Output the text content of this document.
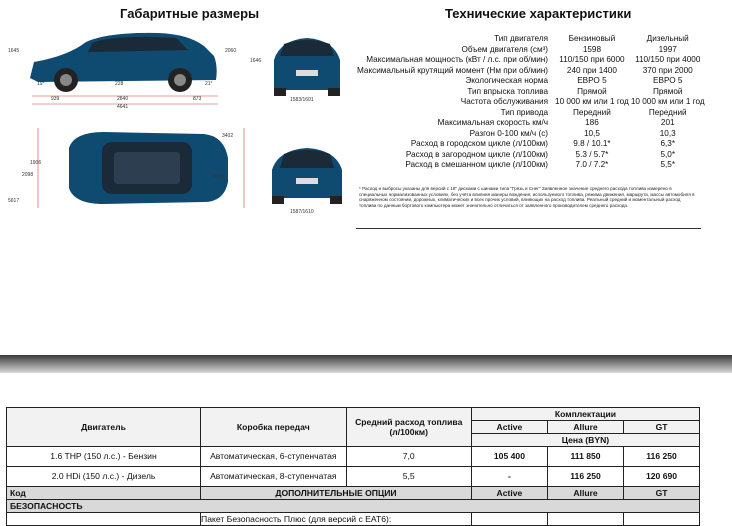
Габаритные размеры	Технические характеристики
1645	2060
19°	228	21°
939	2840	873
4641
1646
1583/1601
5617
2098
1906
1844
3402
1587/1610
Тип двигателя	Бензиновый	Дизельный
Объем двигателя (см³)	1598	1997
Максимальная мощность (кВт / л.с. при об/мин)	110/150 при 6000	110/150 при 4000
Максимальный крутящий момент (Нм при об/мин)	240 при 1400	370 при 2000

Экологическая норма	ЕВРО 5	ЕВРО 5
Тип впрыска топлива	Прямой	Прямой

Частота обслуживания	10 000 км или 1 год	10 000 км или 1 год

Тип привода	Передний	Передний
Максимальная скорость км/ч	186	201
Разгон 0-100 км/ч (с)	10,5	10,3
Расход в городском цикле (л/100км)	9.8 / 10.1*	6,3*
Расход в загородном цикле (л/100км)	5.3 / 5.7*	5,0*
Расход в смешанном цикле (л/100км)	7.0 / 7.2*	5,5*
* Расход и выбросы указаны для версий с 18" дисками с шинами типа "Грязь и Снег" Заявленное значение среднего расхода топлива измерено в специальных нормализованных условиях, без учёта влияния манеры вождения, используемого топлива, режима движения, маршрута, массы автомобиля в снаряженном состоянии, дорожных, климатических и всех прочих условий, влияющих на расход топлива. Реальный средний и моментальный расход топлива по данным бортового компьютера может значительно отличаться от заявленного производителем среднего расхода.
Двигатель	Коробка передач	Средний расход топлива (л/100км)	Комплектации		
			Active	Allure	GT
			Цена (BYN)		
1.6 THP (150 л.с.) - Бензин	Автоматическая, 6-ступенчатая	7,0	105 400	111 850	116 250
2.0 HDi (150 л.с.) - Дизель	Автоматическая, 8-ступенчатая	5,5	-	116 250	120 690
Код	ДОПОЛНИТЕЛЬНЫЕ ОПЦИИ		Active	Allure	GT
БЕЗОПАСНОСТЬ					
	Пакет Безопасность Плюс (для версий с EAT6):				
